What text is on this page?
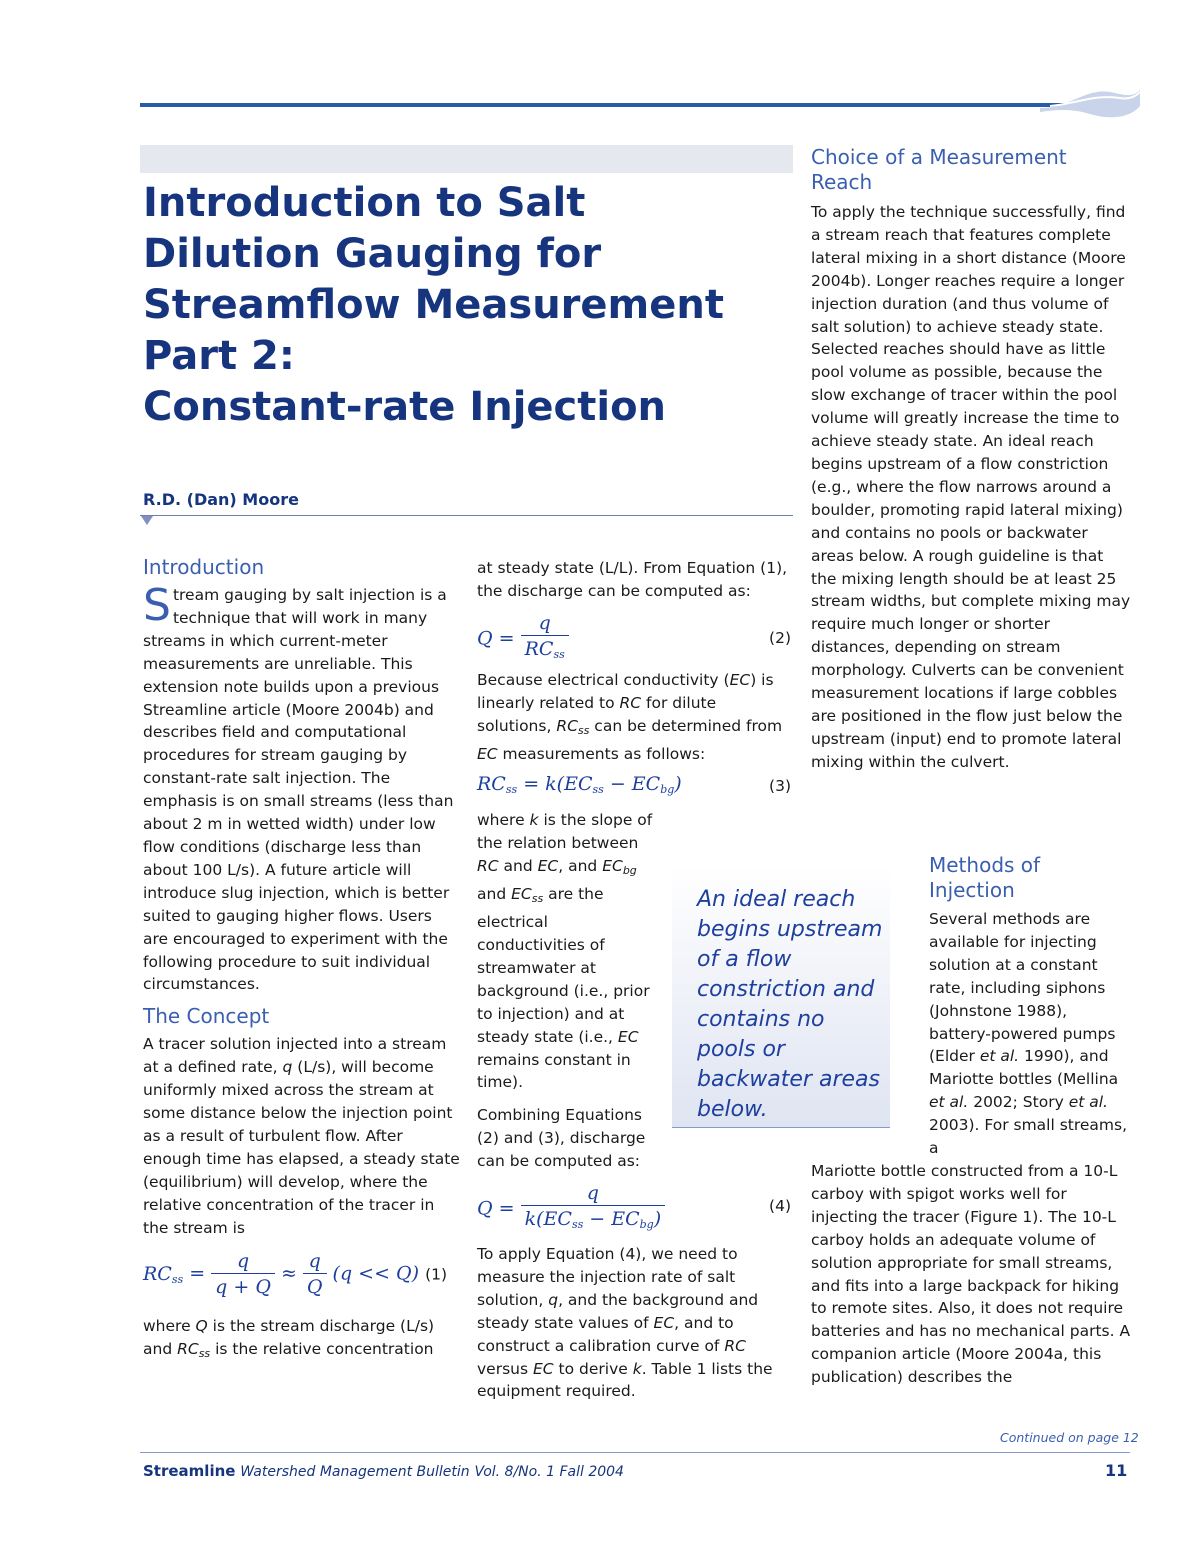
Introduction to Salt
Dilution Gauging for
Streamflow Measurement
Part 2:
Constant-rate Injection
R.D. (Dan) Moore
Introduction

Stream gauging by salt injection is a technique that will work in many streams in which current-meter measurements are unreliable. This extension note builds upon a previous Streamline article (Moore 2004b) and describes field and computational procedures for stream gauging by constant-rate salt injection. The emphasis is on small streams (less than about 2 m in wetted width) under low flow conditions (discharge less than about 100 L/s). A future article will introduce slug injection, which is better suited to gauging higher flows. Users are encouraged to experiment with the following procedure to suit individual circumstances.

The Concept

A tracer solution injected into a stream at a defined rate, q (L/s), will become uniformly mixed across the stream at some distance below the injection point as a result of turbulent flow. After enough time has elapsed, a steady state (equilibrium) will develop, where the relative concentration of the tracer in the stream is

$RC_{ss} = \frac{q}{q + Q} \approx \frac{q}{Q} (q << Q)$ (1)

where Q is the stream discharge (L/s) and $RC_{ss}$ is the relative concentration

at steady state (L/L). From Equation (1), the discharge can be computed as:

$Q = \frac{q}{RC_{ss}}$	(2)

Because electrical conductivity (EC) is linearly related to RC for dilute solutions, $RC_{ss}$ can be determined from EC measurements as follows:

$RC_{ss} = k(EC_{ss} - EC_{bg})$	(3)

where k is the slope of the relation between RC and EC, and $EC_{bg}$ and $EC_{ss}$ are the electrical conductivities of streamwater at background (i.e., prior to injection) and at steady state (i.e., EC remains constant in time).

Combining Equations (2) and (3), discharge can be computed as:

$Q = \frac{q}{k(EC_{ss} - EC_{bg})}$	(4)

To apply Equation (4), we need to measure the injection rate of salt solution, q, and the background and steady state values of EC, and to construct a calibration curve of RC versus EC to derive k. Table 1 lists the equipment required.

An ideal reach begins upstream of a flow constriction and contains no pools or backwater areas below.
Choice of a Measurement Reach

To apply the technique successfully, find a stream reach that features complete lateral mixing in a short distance (Moore 2004b). Longer reaches require a longer injection duration (and thus volume of salt solution) to achieve steady state. Selected reaches should have as little pool volume as possible, because the slow exchange of tracer within the pool volume will greatly increase the time to achieve steady state. An ideal reach begins upstream of a flow constriction (e.g., where the flow narrows around a boulder, promoting rapid lateral mixing) and contains no pools or backwater areas below. A rough guideline is that the mixing length should be at least 25 stream widths, but complete mixing may require much longer or shorter distances, depending on stream morphology. Culverts can be convenient measurement locations if large cobbles are positioned in the flow just below the upstream (input) end to promote lateral mixing within the culvert.

Methods of Injection

Several methods are available for injecting solution at a constant rate, including siphons (Johnstone 1988), battery-powered pumps (Elder et al. 1990), and Mariotte bottles (Mellina et al. 2002; Story et al. 2003). For small streams, a

Mariotte bottle constructed from a 10-L carboy with spigot works well for injecting the tracer (Figure 1). The 10-L carboy holds an adequate volume of solution appropriate for small streams, and fits into a large backpack for hiking to remote sites. Also, it does not require batteries and has no mechanical parts. A companion article (Moore 2004a, this publication) describes the

Continued on page 12
Streamline Watershed Management Bulletin Vol. 8/No. 1 Fall 2004	11
